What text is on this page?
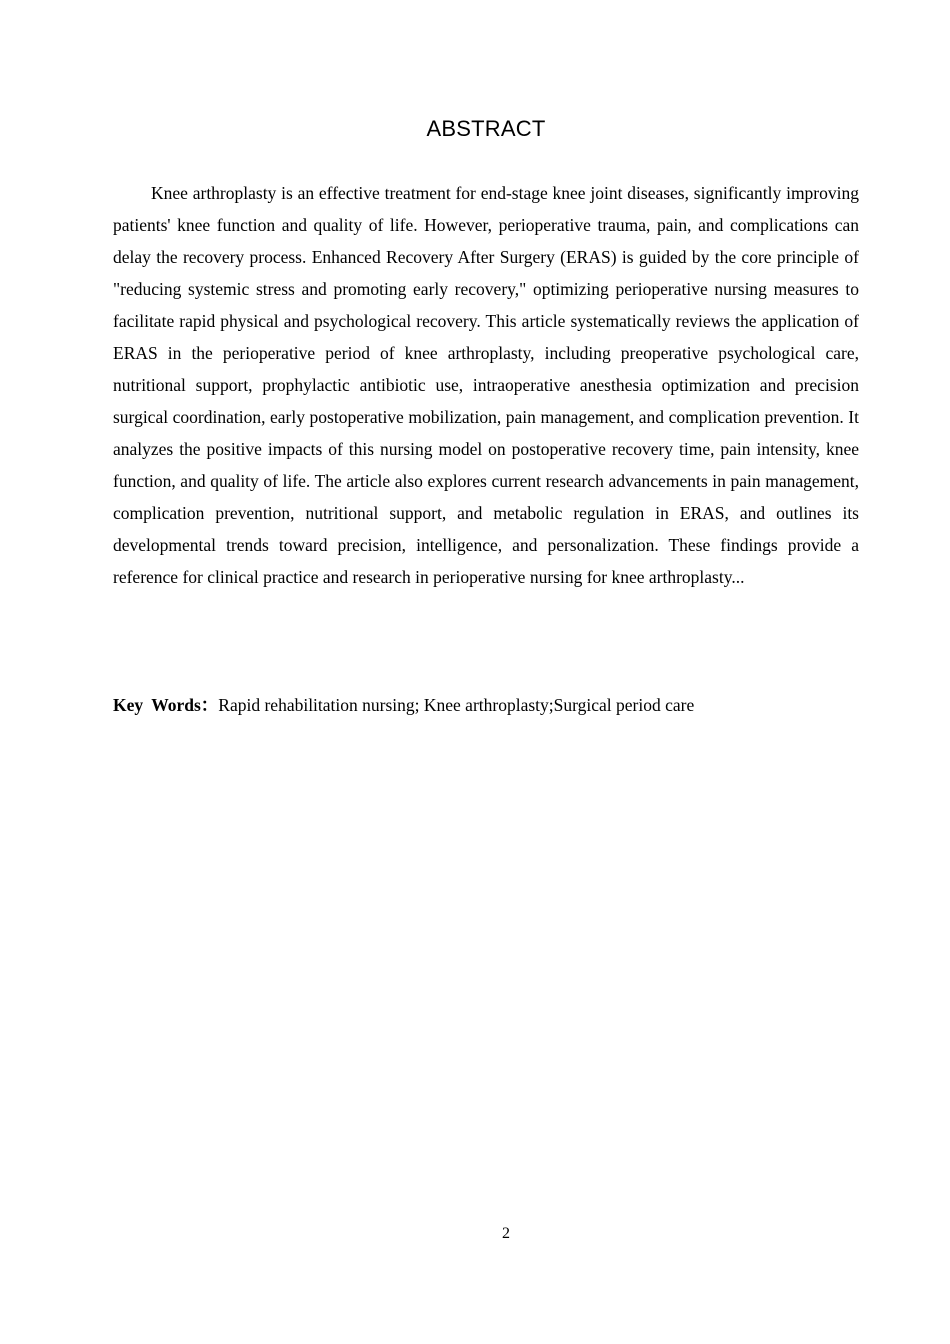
ABSTRACT

Knee arthroplasty is an effective treatment for end-stage knee joint diseases, significantly improving patients' knee function and quality of life. However, perioperative trauma, pain, and complications can delay the recovery process. Enhanced Recovery After Surgery (ERAS) is guided by the core principle of "reducing systemic stress and promoting early recovery," optimizing perioperative nursing measures to facilitate rapid physical and psychological recovery. This article systematically reviews the application of ERAS in the perioperative period of knee arthroplasty, including preoperative psychological care, nutritional support, prophylactic antibiotic use, intraoperative anesthesia optimization and precision surgical coordination, early postoperative mobilization, pain management, and complication prevention. It analyzes the positive impacts of this nursing model on postoperative recovery time, pain intensity, knee function, and quality of life. The article also explores current research advancements in pain management, complication prevention, nutritional support, and metabolic regulation in ERAS, and outlines its developmental trends toward precision, intelligence, and personalization. These findings provide a reference for clinical practice and research in perioperative nursing for knee arthroplasty...

Key Words：Rapid rehabilitation nursing; Knee arthroplasty;Surgical period care

2
